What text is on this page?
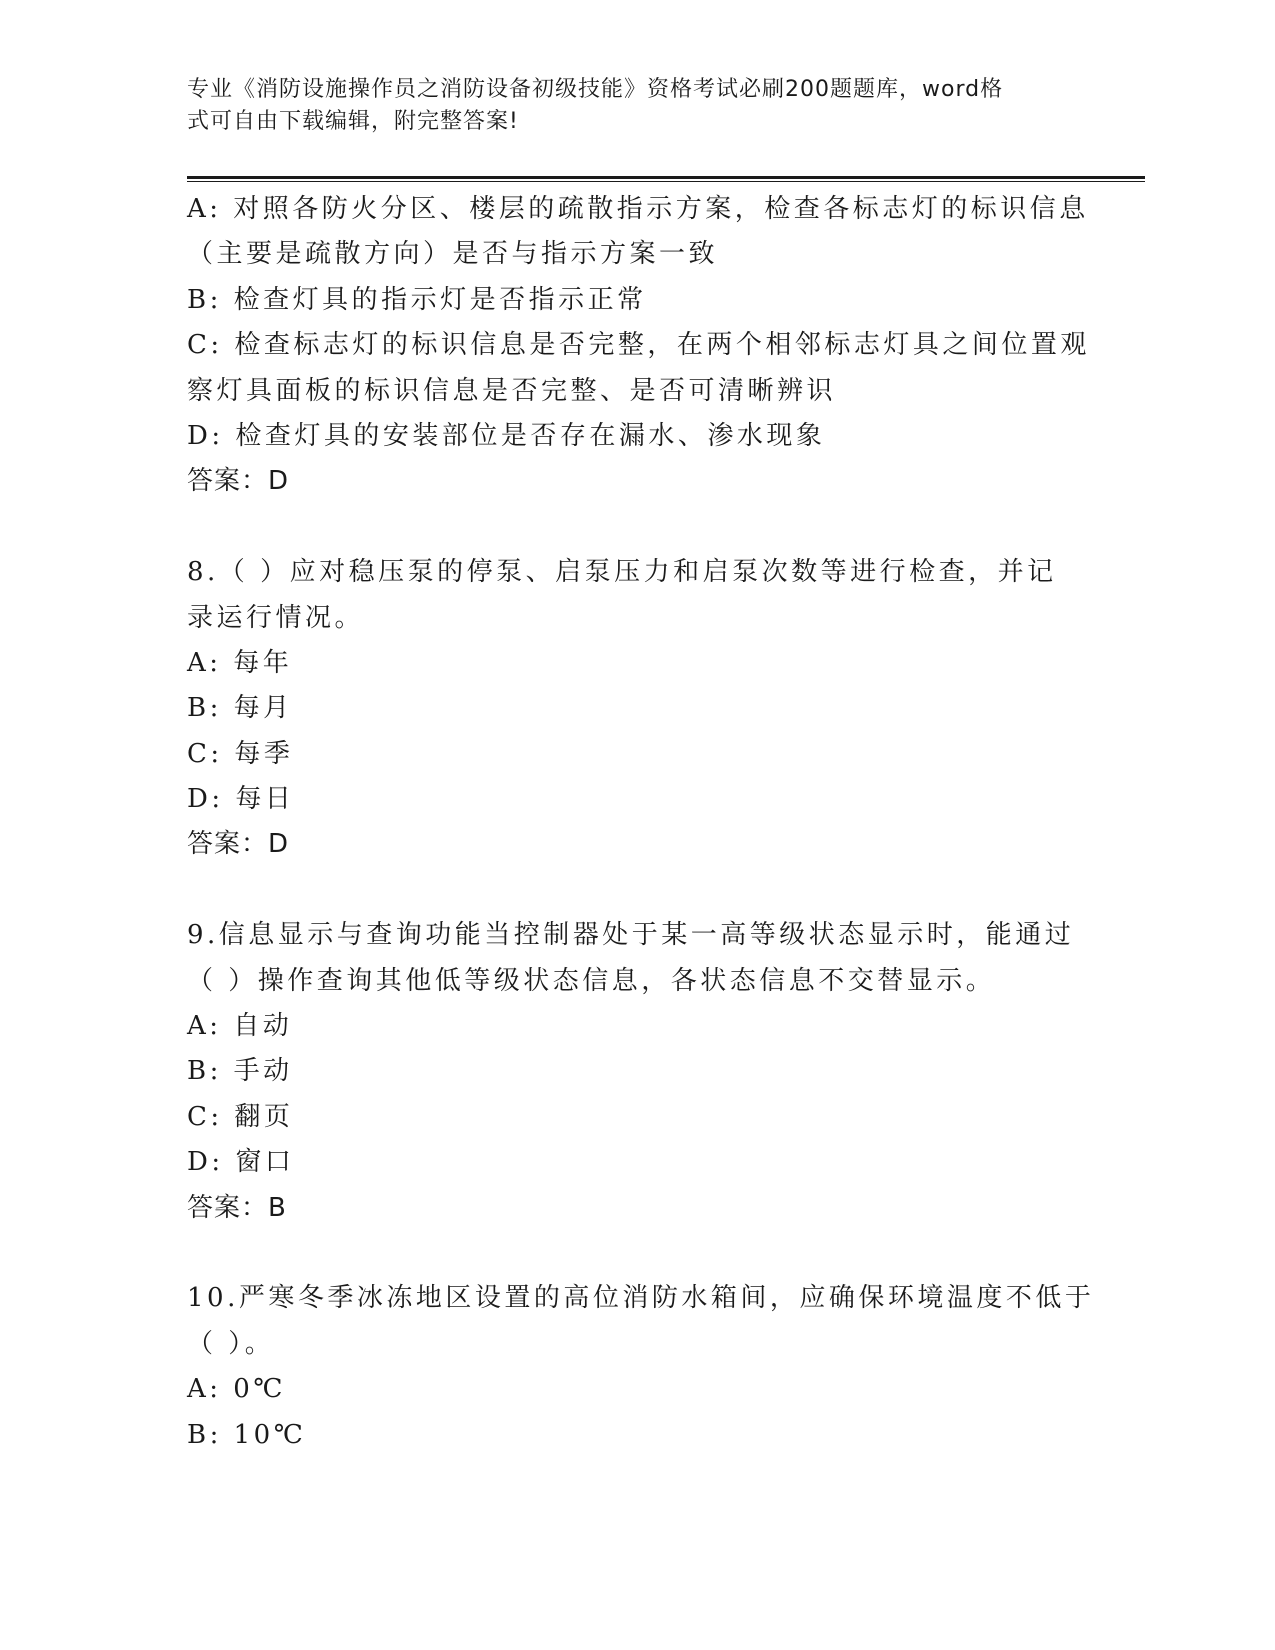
专业《消防设施操作员之消防设备初级技能》资格考试必刷200题题库，word格
式可自由下载编辑，附完整答案!
A: 对照各防火分区、楼层的疏散指示方案，检查各标志灯的标识信息
（主要是疏散方向）是否与指示方案一致
B: 检查灯具的指示灯是否指示正常
C: 检查标志灯的标识信息是否完整，在两个相邻标志灯具之间位置观
察灯具面板的标识信息是否完整、是否可清晰辨识
D: 检查灯具的安装部位是否存在漏水、渗水现象
答案：D
8.（ ）应对稳压泵的停泵、启泵压力和启泵次数等进行检查，并记
录运行情况。
A: 每年
B: 每月
C: 每季
D: 每日
答案：D
9.信息显示与查询功能当控制器处于某一高等级状态显示时，能通过
（ ）操作查询其他低等级状态信息，各状态信息不交替显示。
A: 自动
B: 手动
C: 翻页
D: 窗口
答案：B
10.严寒冬季冰冻地区设置的高位消防水箱间，应确保环境温度不低于
（ ）。
A: 0℃
B: 10℃
